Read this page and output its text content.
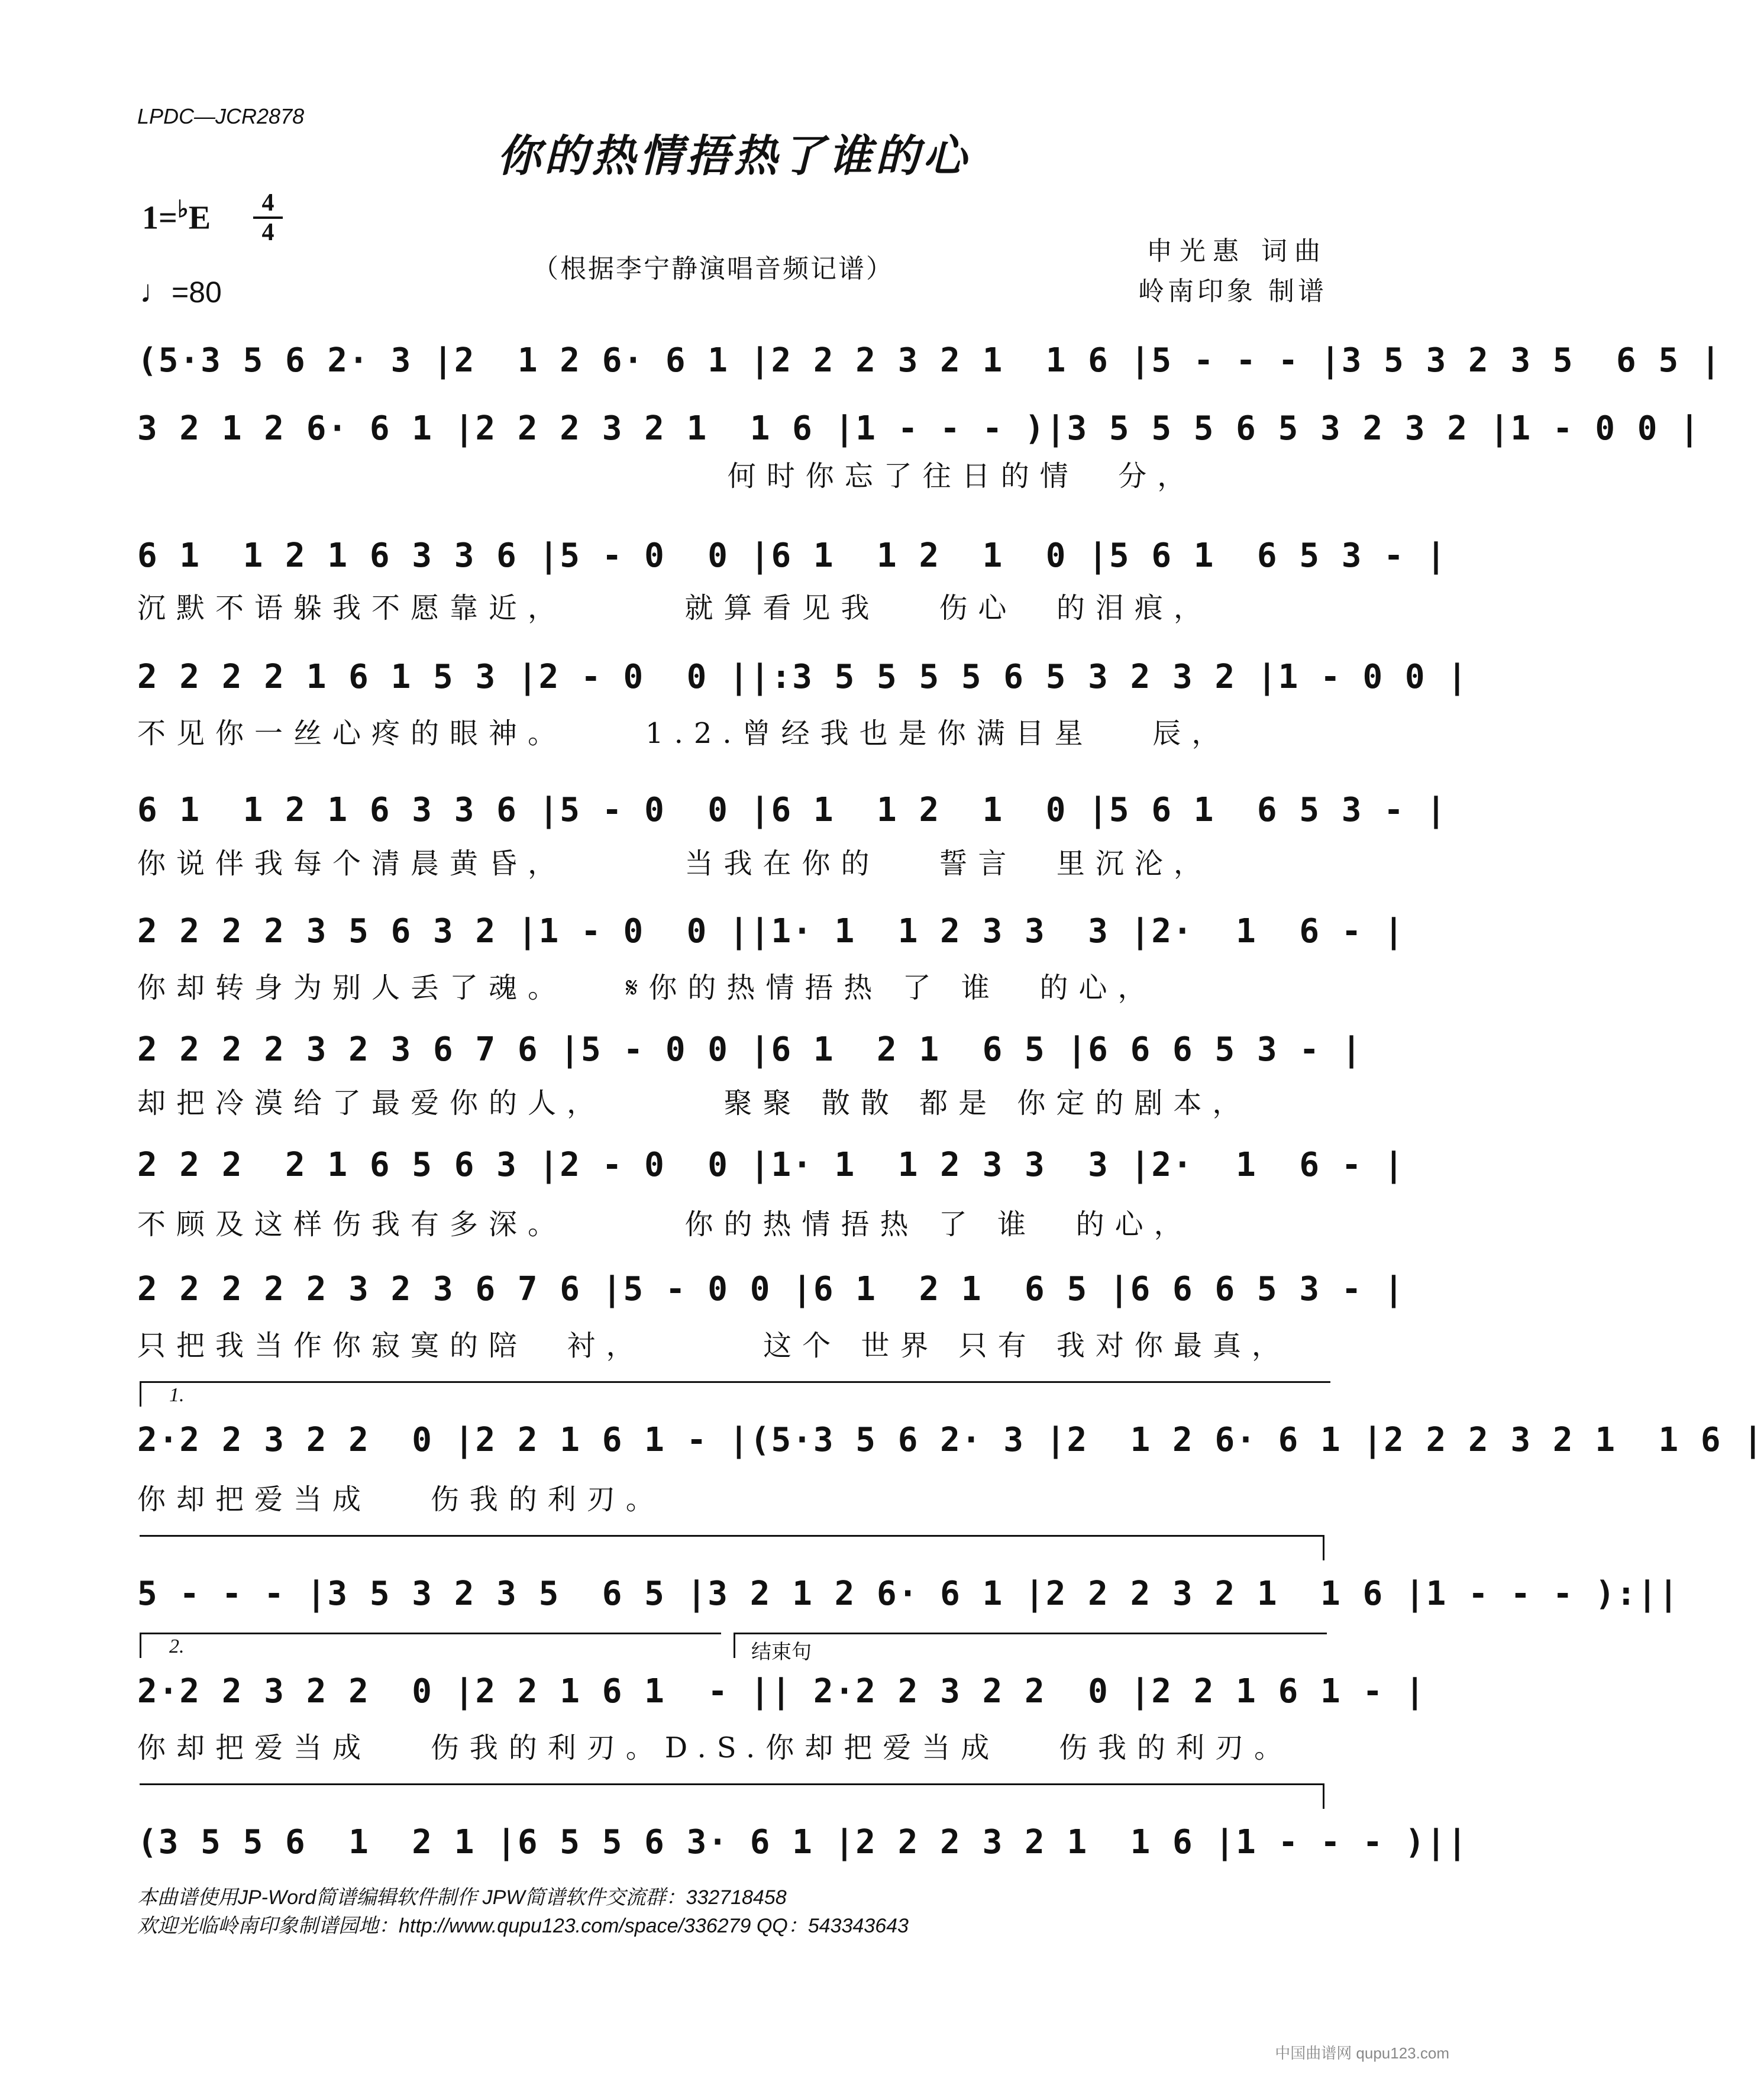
LPDC—JCR2878
你的热情捂热了谁的心
1=♭E	4
4
♩=80
（根据李宁静演唱音频记谱）
申光惠 词曲
岭南印象 制谱
(5·3 5 6 2· 3 |2  1 2 6· 6 1 |2 2 2 3 2 1  1 6 |5 - - - |3 5 3 2 3 5  6 5 |
3 2 1 2 6· 6 1 |2 2 2 3 2 1  1 6 |1 - - - )|3 5 5 5 6 5 3 2 3 2 |1 - 0 0 |
何时你忘了往日的情  分，
6 1  1 2 1 6 3 3 6 |5 - 0  0 |6 1  1 2  1  0 |5 6 1  6 5 3 - |
沉默不语躲我不愿靠近，      就算看见我   伤心  的泪痕，
2 2 2 2 1 6 1 5 3 |2 - 0  0 ||:3 5 5 5 5 6 5 3 2 3 2 |1 - 0 0 |
不见你一丝心疼的眼神。    1.2.曾经我也是你满目星   辰，
6 1  1 2 1 6 3 3 6 |5 - 0  0 |6 1  1 2  1  0 |5 6 1  6 5 3 - |
你说伴我每个清晨黄昏，      当我在你的   誓言  里沉沦，
2 2 2 2 3 5 6 3 2 |1 - 0  0 ||1· 1  1 2 3 3  3 |2·  1  6 - |
你却转身为别人丢了魂。   𝄋你的热情捂热 了 谁  的心，
2 2 2 2 3 2 3 6 7 6 |5 - 0 0 |6 1  2 1  6 5 |6 6 6 5 3 - |
却把冷漠给了最爱你的人，      聚聚 散散 都是 你定的剧本，
2 2 2  2 1 6 5 6 3 |2 - 0  0 |1· 1  1 2 3 3  3 |2·  1  6 - |
不顾及这样伤我有多深。      你的热情捂热 了 谁  的心，
2 2 2 2 2 3 2 3 6 7 6 |5 - 0 0 |6 1  2 1  6 5 |6 6 6 5 3 - |
只把我当作你寂寞的陪  衬，      这个 世界 只有 我对你最真，
1.
2·2 2 3 2 2  0 |2 2 1 6 1 - |(5·3 5 6 2· 3 |2  1 2 6· 6 1 |2 2 2 3 2 1  1 6 |
你却把爱当成   伤我的利刃。
5 - - - |3 5 3 2 3 5  6 5 |3 2 1 2 6· 6 1 |2 2 2 3 2 1  1 6 |1 - - - ):||
2.	结束句
2·2 2 3 2 2  0 |2 2 1 6 1  - || 2·2 2 3 2 2  0 |2 2 1 6 1 - |
你却把爱当成   伤我的利刃。D.S.你却把爱当成   伤我的利刃。
(3 5 5 6  1  2 1 |6 5 5 6 3· 6 1 |2 2 2 3 2 1  1 6 |1 - - - )||
本曲谱使用JP-Word简谱编辑软件制作 JPW简谱软件交流群：332718458
欢迎光临岭南印象制谱园地：http://www.qupu123.com/space/336279 QQ：543343643
中国曲谱网 qupu123.com
